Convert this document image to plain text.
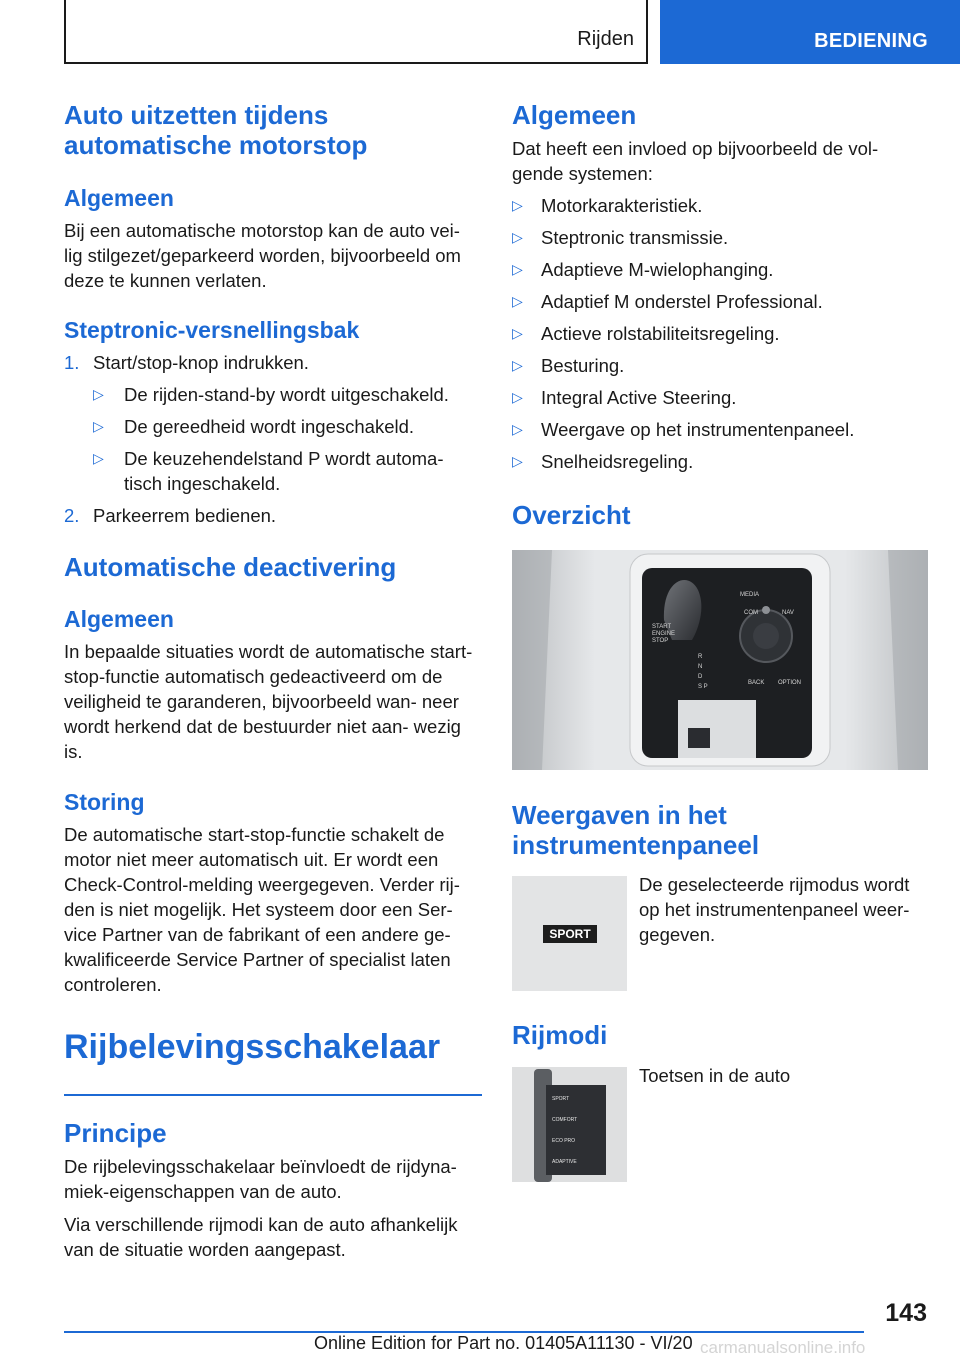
Rijden	BEDIENING
Auto uitzetten tijdens automatische motorstop
Algemeen

Bij een automatische motorstop kan de auto vei- lig stilgezet/geparkeerd worden, bijvoorbeeld om deze te kunnen verlaten.

Steptronic-versnellingsbak
1. Start/stop-knop indrukken.
▷	De rijden-stand-by wordt uitgeschakeld.
▷	De gereedheid wordt ingeschakeld.
▷	De keuzehendelstand P wordt automa- tisch ingeschakeld.
2. Parkeerrem bedienen.
Automatische deactivering
Algemeen

In bepaalde situaties wordt de automatische start-stop-functie automatisch gedeactiveerd om de veiligheid te garanderen, bijvoorbeeld wan- neer wordt herkend dat de bestuurder niet aan- wezig is.

Storing

De automatische start-stop-functie schakelt de motor niet meer automatisch uit. Er wordt een Check-Control-melding weergegeven. Verder rij- den is niet mogelijk. Het systeem door een Ser- vice Partner van de fabrikant of een andere ge- kwalificeerde Service Partner of specialist laten controleren.

Rijbelevingsschakelaar
Principe

De rijbelevingsschakelaar beïnvloedt de rijdyna- miek-eigenschappen van de auto.

Via verschillende rijmodi kan de auto afhankelijk van de situatie worden aangepast.

Algemeen

Dat heeft een invloed op bijvoorbeeld de vol- gende systemen:

▷ Motorkarakteristiek.
▷ Steptronic transmissie.
▷ Adaptieve M-wielophanging.
▷ Adaptief M onderstel Professional.
▷ Actieve rolstabiliteitsregeling.
▷ Besturing.
▷ Integral Active Steering.
▷ Weergave op het instrumentenpaneel.
▷ Snelheidsregeling.
Overzicht
START ENGINE STOP
MEDIA
COM	NAV
BACK OPTION
R
N
D
S P
Weergaven in het instrumentenpaneel
SPORT

De geselecteerde rijmodus wordt op het instrumentenpaneel weer- gegeven.

Rijmodi
SPORT
COMFORT
ECO PRO
ADAPTIVE

Toetsen in de auto

143
Online Edition for Part no. 01405A11130 - VI/20 carmanualsonline.info
